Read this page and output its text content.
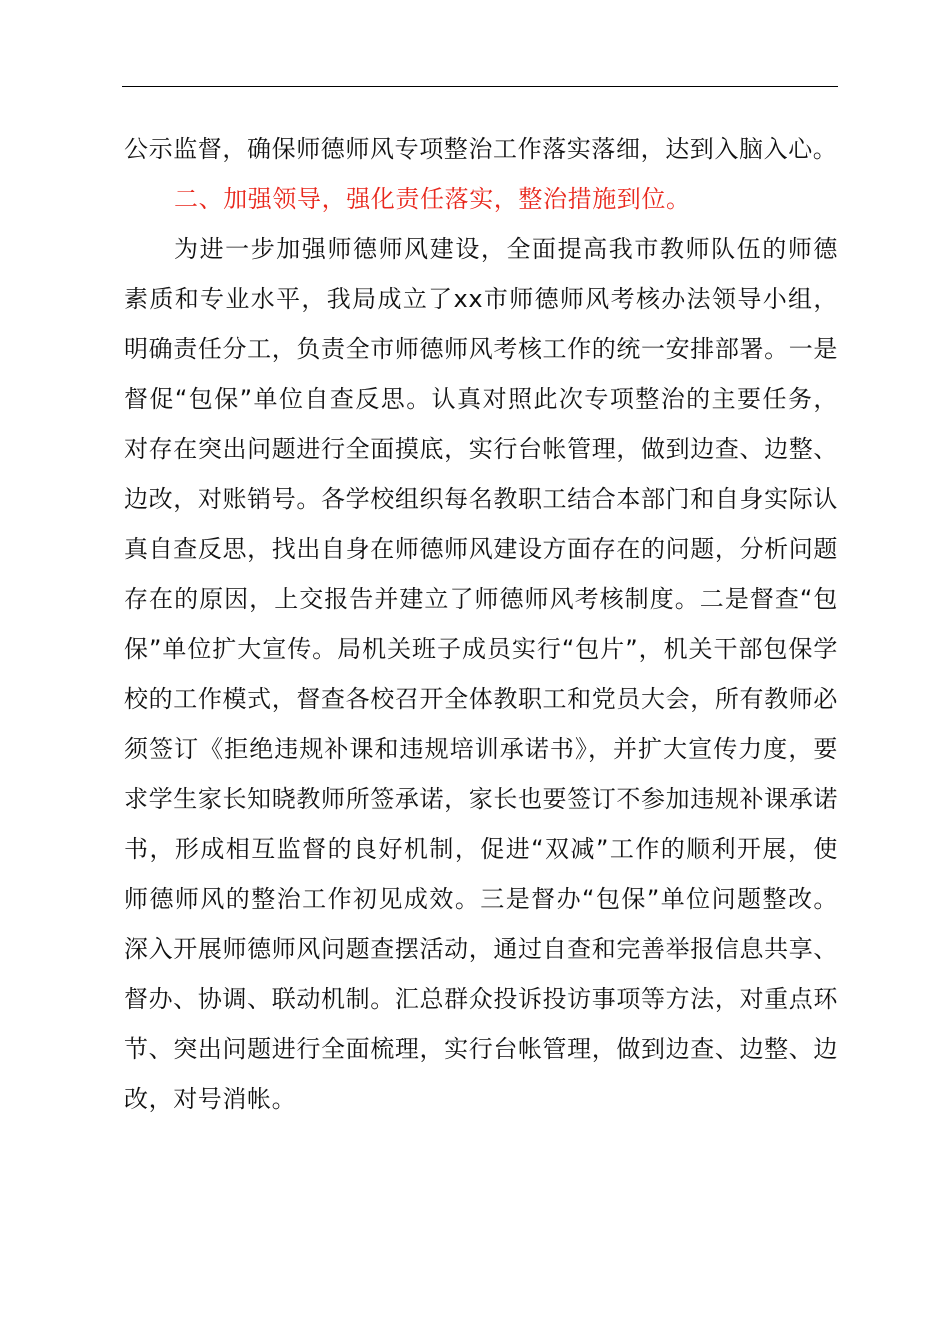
公示监督，确保师德师风专项整治工作落实落细，达到入脑入心。

二、加强领导，强化责任落实，整治措施到位。

为进一步加强师德师风建设，全面提高我市教师队伍的师德素质和专业水平，我局成立了xx市师德师风考核办法领导小组，明确责任分工，负责全市师德师风考核工作的统一安排部署。一是督促“包保”单位自查反思。认真对照此次专项整治的主要任务，对存在突出问题进行全面摸底，实行台帐管理，做到边查、边整、边改，对账销号。各学校组织每名教职工结合本部门和自身实际认真自查反思，找出自身在师德师风建设方面存在的问题，分析问题存在的原因，上交报告并建立了师德师风考核制度。二是督查“包保”单位扩大宣传。局机关班子成员实行“包片”，机关干部包保学校的工作模式，督查各校召开全体教职工和党员大会，所有教师必须签订《拒绝违规补课和违规培训承诺书》，并扩大宣传力度，要求学生家长知晓教师所签承诺，家长也要签订不参加违规补课承诺书，形成相互监督的良好机制，促进“双减”工作的顺利开展，使师德师风的整治工作初见成效。三是督办“包保”单位问题整改。深入开展师德师风问题查摆活动，通过自查和完善举报信息共享、督办、协调、联动机制。汇总群众投诉投访事项等方法，对重点环节、突出问题进行全面梳理，实行台帐管理，做到边查、边整、边改，对号消帐。
